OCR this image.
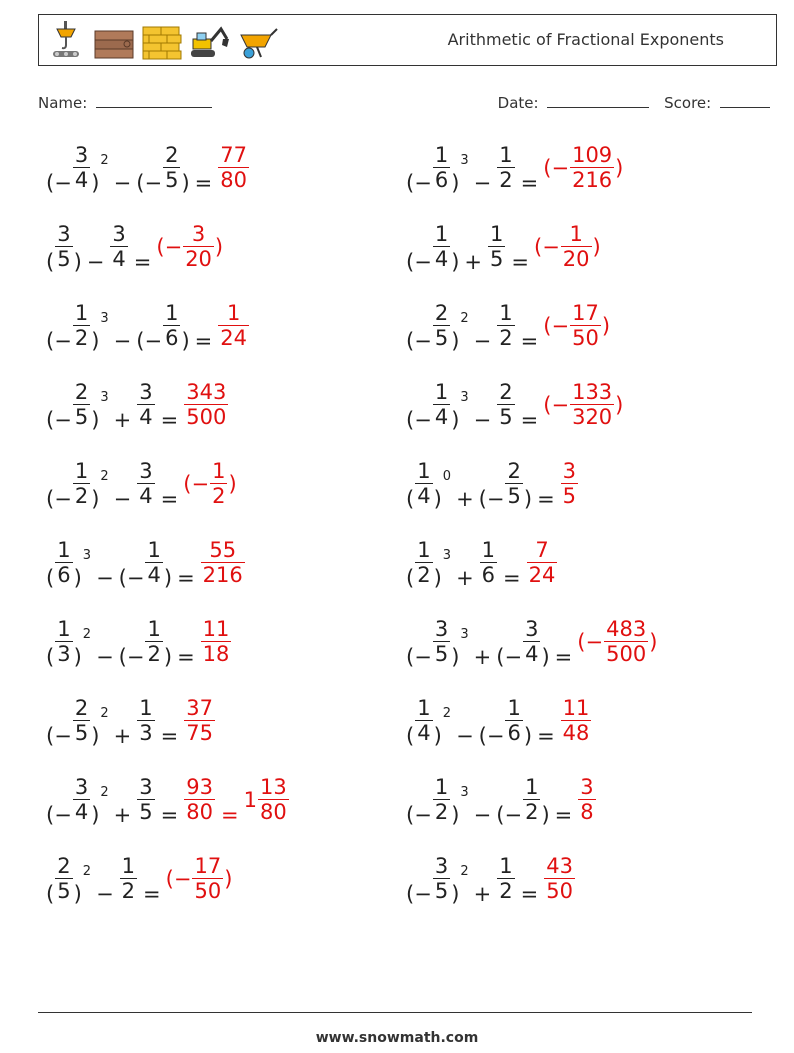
Arithmetic of Fractional Exponents
Name:	Date:	Score:
( − $\frac{3}{4}$ )
2
− ( − $\frac{2}{5}$ ) = $\frac{77}{80}$	( − $\frac{1}{6}$ )
3
− $\frac{1}{2}$ =
( − $\frac{109}{216}$ )
( $\frac{3}{5}$ ) − $\frac{3}{4}$ =
( − $\frac{3}{20}$ )
( − $\frac{1}{4}$ ) + $\frac{1}{5}$ =
( − $\frac{1}{20}$ )
( − $\frac{1}{2}$ )
3
− ( − $\frac{1}{6}$ ) = $\frac{1}{24}$	( − $\frac{2}{5}$ )
2
− $\frac{1}{2}$ =
( − $\frac{17}{50}$ )
( − $\frac{2}{5}$ )
3
+ $\frac{3}{4} = \frac{343}{500}$	( − $\frac{1}{4}$ )
3
− $\frac{2}{5}$ =
( − $\frac{133}{320}$ )
( − $\frac{1}{2}$ )
2
− $\frac{3}{4}$ =
( − $\frac{1}{2}$ )
( $\frac{1}{4}$ )
0
+ ( − $\frac{2}{5}$ ) = $\frac{3}{5}$
( $\frac{1}{6}$ )
3
− ( − $\frac{1}{4}$ ) = $\frac{55}{216}$	( $\frac{1}{2}$ )
3
+ $\frac{1}{6} = \frac{7}{24}$
( $\frac{1}{3}$ )
2
− ( − $\frac{1}{2}$ ) = $\frac{11}{18}$	( − $\frac{3}{5}$ )
3
+ ( − $\frac{3}{4}$ ) =
( − $\frac{483}{500}$ )
( − $\frac{2}{5}$ )
2
+ $\frac{1}{3} = \frac{37}{75}$	( $\frac{1}{4}$ )
2
− ( − $\frac{1}{6}$ ) = $\frac{11}{48}$
( − $\frac{3}{4}$ )
2
+ $\frac{3}{5} = \frac{93}{80}$ =
$1 \frac{13}{80}$	( − $\frac{1}{2}$ )
3
− ( − $\frac{1}{2}$ ) = $\frac{3}{8}$
( $\frac{2}{5}$ )
2
− $\frac{1}{2}$ =
( − $\frac{17}{50}$ )
( − $\frac{3}{5}$ )
2
+ $\frac{1}{2} = \frac{43}{50}$
www.snowmath.com
